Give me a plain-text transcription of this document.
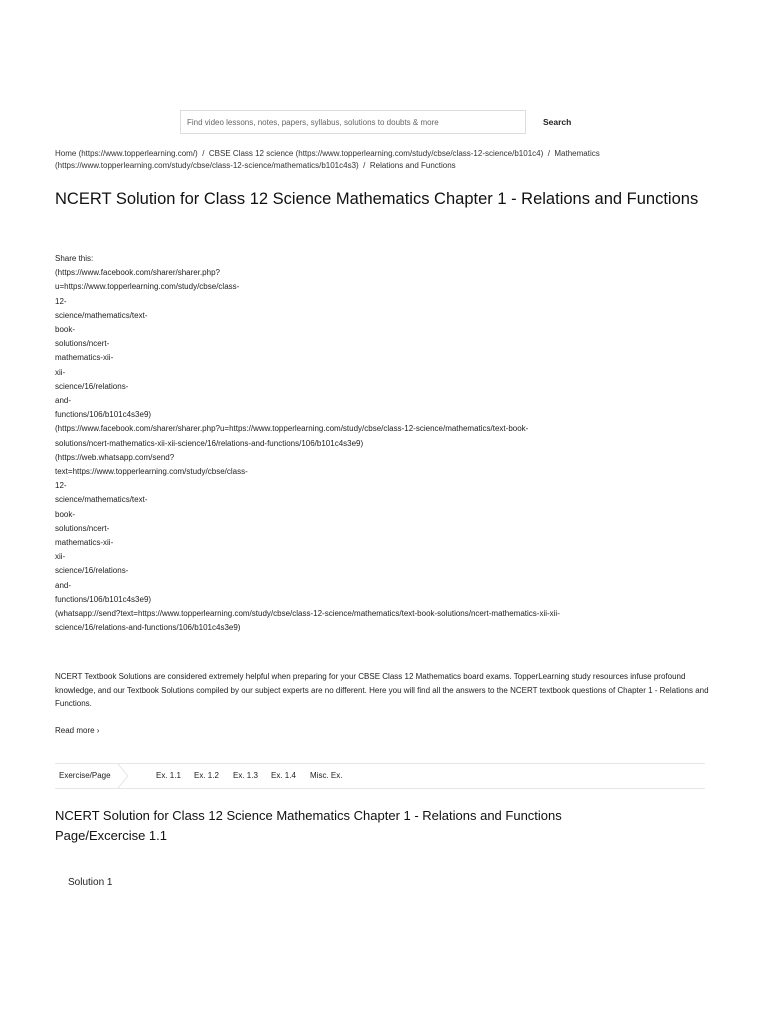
Find video lessons, notes, papers, syllabus, solutions to doubts & more
Search
Home (https://www.topperlearning.com/) / CBSE Class 12 science (https://www.topperlearning.com/study/cbse/class-12-science/b101c4) / Mathematics
(https://www.topperlearning.com/study/cbse/class-12-science/mathematics/b101c4s3) / Relations and Functions
NCERT Solution for Class 12 Science Mathematics Chapter 1 - Relations and Functions
Share this:
(https://www.facebook.com/sharer/sharer.php?
u=https://www.topperlearning.com/study/cbse/class-
12-
science/mathematics/text-
book-
solutions/ncert-
mathematics-xii-
xii-
science/16/relations-
and-
functions/106/b101c4s3e9)
(https://www.facebook.com/sharer/sharer.php?u=https://www.topperlearning.com/study/cbse/class-12-science/mathematics/text-book-
solutions/ncert-mathematics-xii-xii-science/16/relations-and-functions/106/b101c4s3e9)
(https://web.whatsapp.com/send?
text=https://www.topperlearning.com/study/cbse/class-
12-
science/mathematics/text-
book-
solutions/ncert-
mathematics-xii-
xii-
science/16/relations-
and-
functions/106/b101c4s3e9)
(whatsapp://send?text=https://www.topperlearning.com/study/cbse/class-12-science/mathematics/text-book-solutions/ncert-mathematics-xii-xii-
science/16/relations-and-functions/106/b101c4s3e9)

NCERT Textbook Solutions are considered extremely helpful when preparing for your CBSE Class 12 Mathematics board exams. TopperLearning study resources infuse profound knowledge, and our Textbook Solutions compiled by our subject experts are no different. Here you will find all the answers to the NCERT textbook questions of Chapter 1 - Relations and Functions.

Read more ›
Exercise/Page	Ex. 1.1 Ex. 1.2 Ex. 1.3 Ex. 1.4 Misc. Ex.
NCERT Solution for Class 12 Science Mathematics Chapter 1 - Relations and Functions
Page/Excercise 1.1
Solution 1
